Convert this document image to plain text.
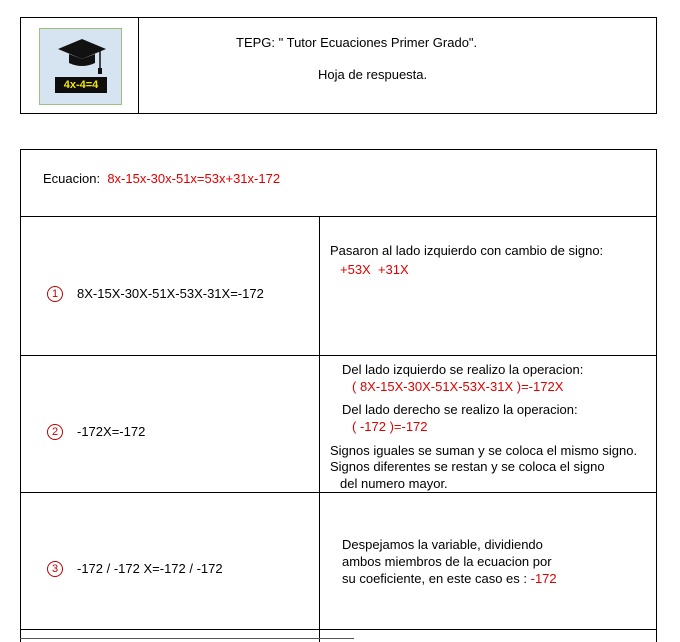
4x-4=4
TEPG: " Tutor Ecuaciones Primer Grado".
Hoja de respuesta.
Ecuacion: 8x-15x-30x-51x=53x+31x-172
1	8X-15X-30X-51X-53X-31X=-172
Pasaron al lado izquierdo con cambio de signo:
+53X  +31X
2	-172X=-172
Del lado izquierdo se realizo la operacion:
( 8X-15X-30X-51X-53X-31X )=-172X
Del lado derecho se realizo la operacion:
( -172 )=-172
Signos iguales se suman y se coloca el mismo signo.
Signos diferentes se restan y se coloca el signo
del numero mayor.
3	-172 / -172 X=-172 / -172
Despejamos la variable, dividiendo
ambos miembros de la ecuacion por
su coeficiente, en este caso es : -172
